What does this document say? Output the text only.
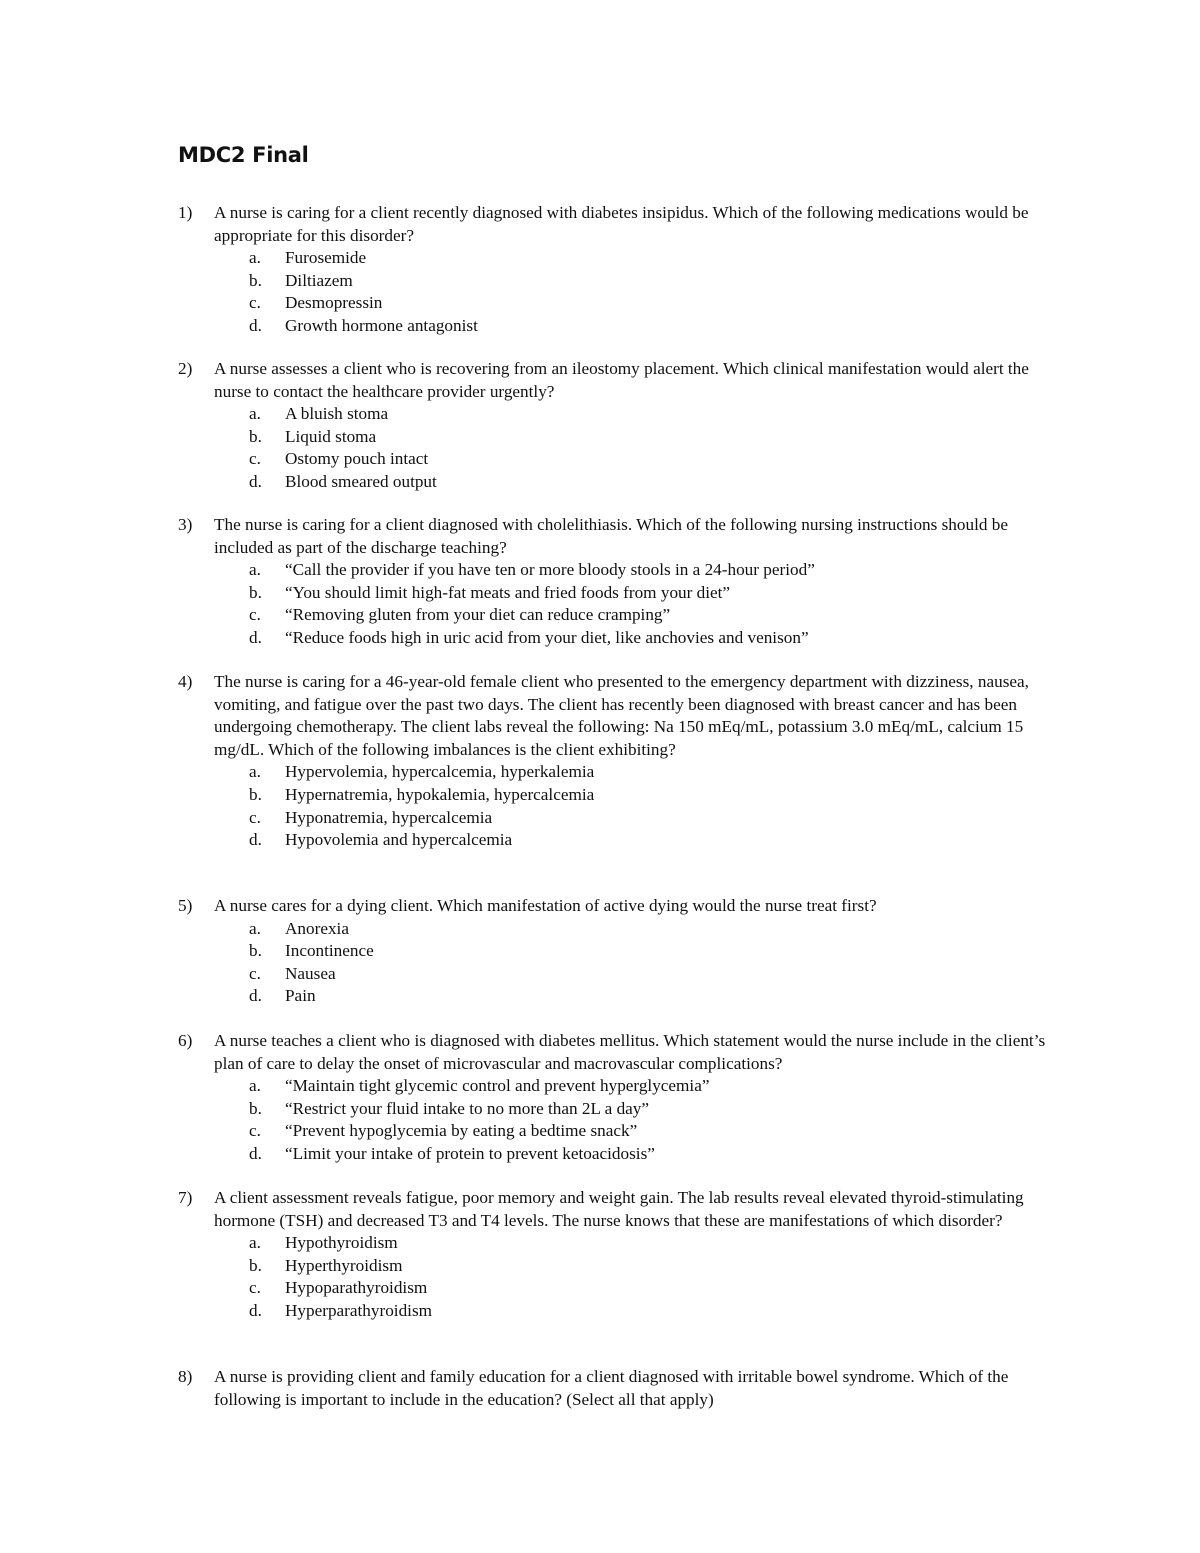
MDC2 Final
1) A nurse is caring for a client recently diagnosed with diabetes insipidus. Which of the following medications would be appropriate for this disorder?
a. Furosemide
b. Diltiazem
c. Desmopressin
d. Growth hormone antagonist
2) A nurse assesses a client who is recovering from an ileostomy placement. Which clinical manifestation would alert the nurse to contact the healthcare provider urgently?
a. A bluish stoma
b. Liquid stoma
c. Ostomy pouch intact
d. Blood smeared output
3) The nurse is caring for a client diagnosed with cholelithiasis. Which of the following nursing instructions should be included as part of the discharge teaching?
a. “Call the provider if you have ten or more bloody stools in a 24-hour period”
b. “You should limit high-fat meats and fried foods from your diet”
c. “Removing gluten from your diet can reduce cramping”
d. “Reduce foods high in uric acid from your diet, like anchovies and venison”
4) The nurse is caring for a 46-year-old female client who presented to the emergency department with dizziness, nausea, vomiting, and fatigue over the past two days. The client has recently been diagnosed with breast cancer and has been undergoing chemotherapy. The client labs reveal the following: Na 150 mEq/mL, potassium 3.0 mEq/mL, calcium 15 mg/dL. Which of the following imbalances is the client exhibiting?
a. Hypervolemia, hypercalcemia, hyperkalemia
b. Hypernatremia, hypokalemia, hypercalcemia
c. Hyponatremia, hypercalcemia
d. Hypovolemia and hypercalcemia
5) A nurse cares for a dying client. Which manifestation of active dying would the nurse treat first?
a. Anorexia
b. Incontinence
c. Nausea
d. Pain
6) A nurse teaches a client who is diagnosed with diabetes mellitus. Which statement would the nurse include in the client’s plan of care to delay the onset of microvascular and macrovascular complications?
a. “Maintain tight glycemic control and prevent hyperglycemia”
b. “Restrict your fluid intake to no more than 2L a day”
c. “Prevent hypoglycemia by eating a bedtime snack”
d. “Limit your intake of protein to prevent ketoacidosis”
7) A client assessment reveals fatigue, poor memory and weight gain. The lab results reveal elevated thyroid-stimulating hormone (TSH) and decreased T3 and T4 levels. The nurse knows that these are manifestations of which disorder?
a. Hypothyroidism
b. Hyperthyroidism
c. Hypoparathyroidism
d. Hyperparathyroidism
8) A nurse is providing client and family education for a client diagnosed with irritable bowel syndrome. Which of the following is important to include in the education? (Select all that apply)
